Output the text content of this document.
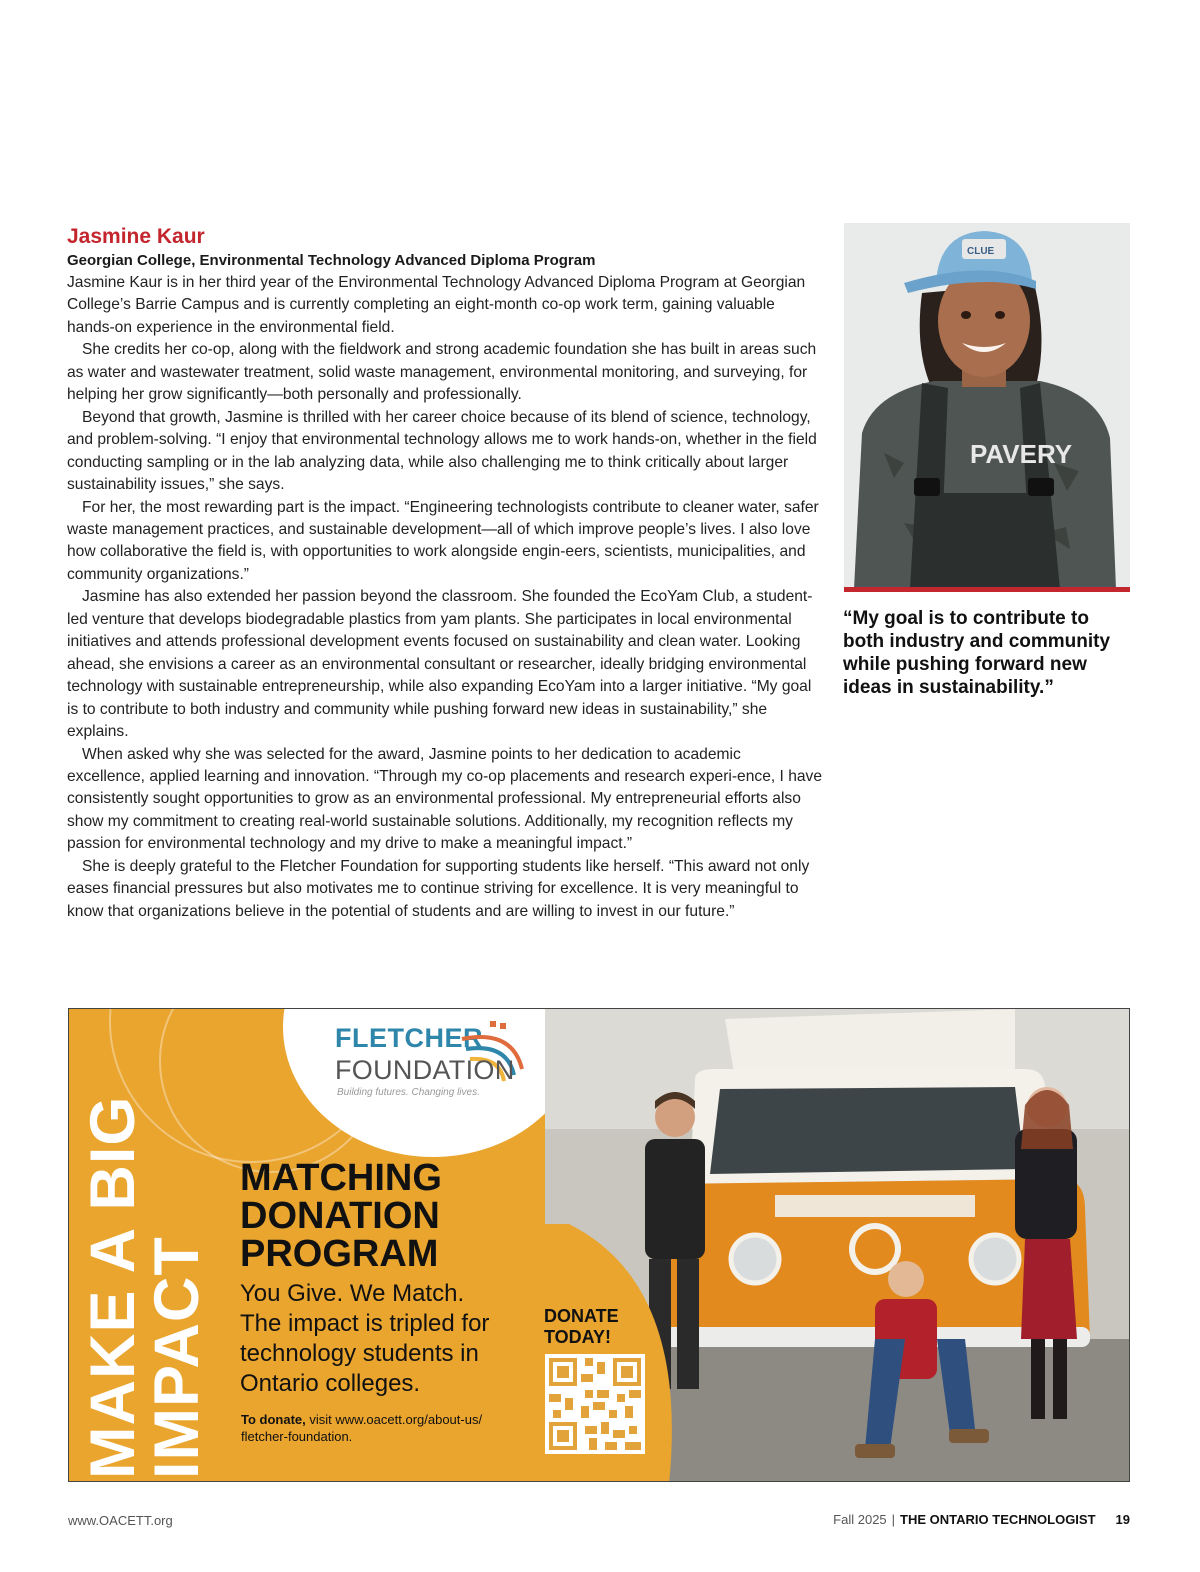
Jasmine Kaur

Georgian College, Environmental Technology Advanced Diploma Program

Jasmine Kaur is in her third year of the Environmental Technology Advanced Diploma Program at Georgian College’s Barrie Campus and is currently completing an eight-month co-op work term, gaining valuable hands-on experience in the environmental field.

She credits her co-op, along with the fieldwork and strong academic foundation she has built in areas such as water and wastewater treatment, solid waste management, environmental monitoring, and surveying, for helping her grow significantly—both personally and professionally.

Beyond that growth, Jasmine is thrilled with her career choice because of its blend of science, technology, and problem-solving. “I enjoy that environmental technology allows me to work hands-on, whether in the field conducting sampling or in the lab analyzing data, while also challenging me to think critically about larger sustainability issues,” she says.

For her, the most rewarding part is the impact. “Engineering technologists contribute to cleaner water, safer waste management practices, and sustainable development—all of which improve people’s lives. I also love how collaborative the field is, with opportunities to work alongside engin-eers, scientists, municipalities, and community organizations.”

Jasmine has also extended her passion beyond the classroom. She founded the EcoYam Club, a student-led venture that develops biodegradable plastics from yam plants. She participates in local environmental initiatives and attends professional development events focused on sustainability and clean water. Looking ahead, she envisions a career as an environmental consultant or researcher, ideally bridging environmental technology with sustainable entrepreneurship, while also expanding EcoYam into a larger initiative. “My goal is to contribute to both industry and community while pushing forward new ideas in sustainability,” she explains.

When asked why she was selected for the award, Jasmine points to her dedication to academic excellence, applied learning and innovation. “Through my co-op placements and research experi-ence, I have consistently sought opportunities to grow as an environmental professional. My entrepreneurial efforts also show my commitment to creating real-world sustainable solutions. Additionally, my recognition reflects my passion for environmental technology and my drive to make a meaningful impact.”

She is deeply grateful to the Fletcher Foundation for supporting students like herself. “This award not only eases financial pressures but also motivates me to continue striving for excellence. It is very meaningful to know that organizations believe in the potential of students and are willing to invest in our future.”

PAVERY
CLUE

“My goal is to contribute to both industry and community while pushing forward new ideas in sustainability.”

MAKE A BIG
IMPACT
FLETCHER
FOUNDATION
Building futures. Changing lives.
MATCHING
DONATION
PROGRAM

You Give. We Match.
The impact is tripled for
technology students in
Ontario colleges.

To donate, visit www.oacett.org/about-us/ fletcher-foundation.

DONATE
TODAY!

www.OACETT.org	Fall 2025 | THE ONTARIO TECHNOLOGIST 19
